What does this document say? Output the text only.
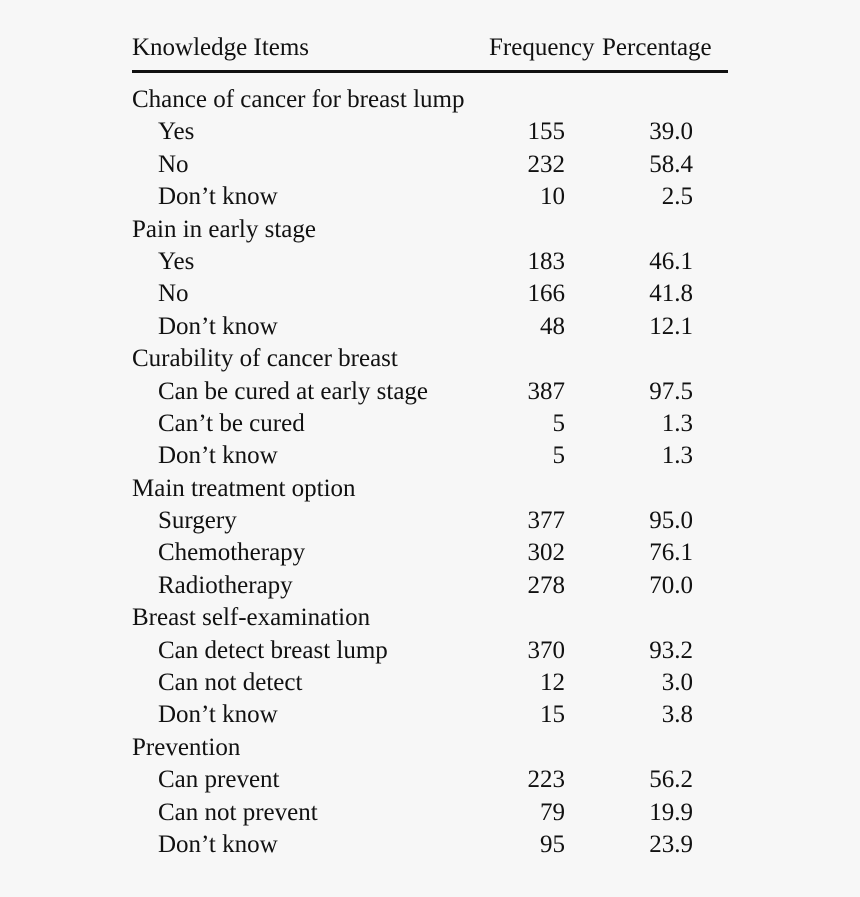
Knowledge Items	Frequency Percentage
Chance of cancer for breast lump
Yes	155	39.0
No	232	58.4
Don’t know	10	2.5
Pain in early stage
Yes	183	46.1
No	166	41.8
Don’t know	48	12.1
Curability of cancer breast
Can be cured at early stage	387	97.5
Can’t be cured	5	1.3
Don’t know	5	1.3
Main treatment option
Surgery	377	95.0
Chemotherapy	302	76.1
Radiotherapy	278	70.0
Breast self-examination
Can detect breast lump	370	93.2
Can not detect	12	3.0
Don’t know	15	3.8
Prevention
Can prevent	223	56.2
Can not prevent	79	19.9
Don’t know	95	23.9
